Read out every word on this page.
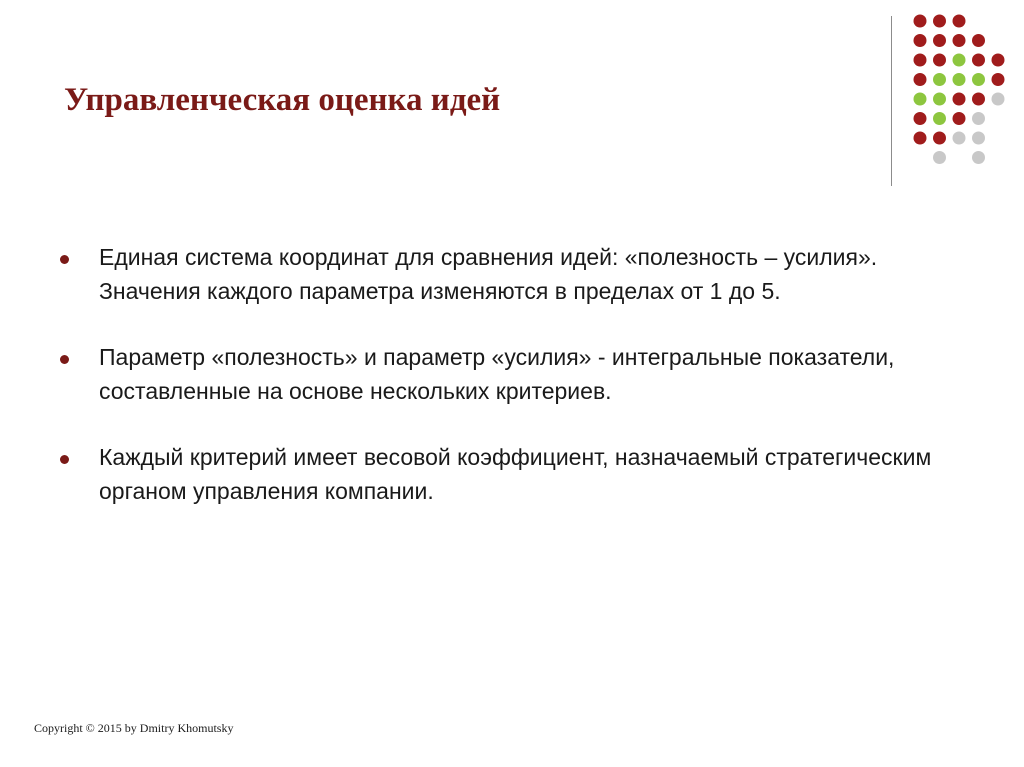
Управленческая оценка идей
Единая система координат для сравнения идей: «полезность – усилия». Значения каждого параметра изменяются в пределах от 1 до 5.
Параметр «полезность» и параметр «усилия» - интегральные показатели, составленные на основе нескольких критериев.
Каждый критерий имеет весовой коэффициент, назначаемый стратегическим органом управления компании.
Copyright © 2015 by Dmitry Khomutsky
